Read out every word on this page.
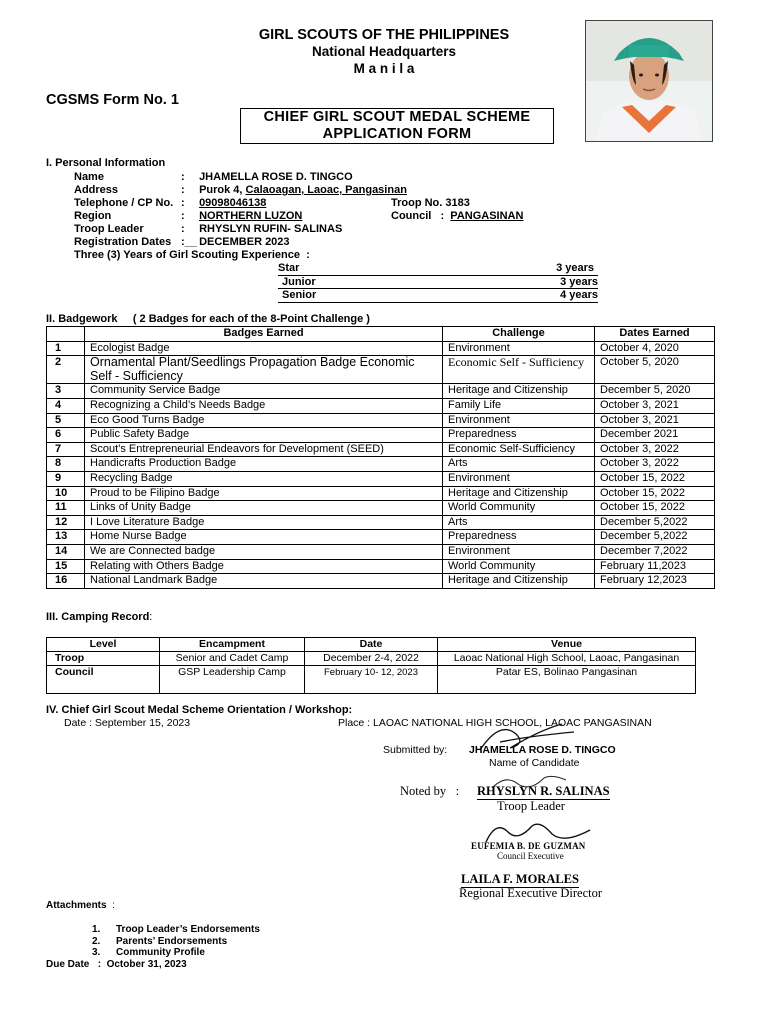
GIRL SCOUTS OF THE PHILIPPINES
National Headquarters
M a n i l a
CGSMS Form No. 1
CHIEF GIRL SCOUT MEDAL SCHEME
APPLICATION FORM
I. Personal Information
Name	: JHAMELLA ROSE D. TINGCO
Address	: Purok 4, Calaoagan, Laoac, Pangasinan
Telephone / CP No. : 09098046138	Troop No. 3183
Region	: NORTHERN LUZON	Council   :  PANGASINAN
Troop Leader	: RHYSLYN RUFIN- SALINAS
Registration Dates :__ DECEMBER 2023
Three (3) Years of Girl Scouting Experience  :
Star	3 years
Junior	3 years
Senior	4 years
II. Badgework ( 2 Badges for each of the 8-Point Challenge )
	Badges Earned	Challenge	Dates Earned
1	Ecologist Badge	Environment	October 4, 2020
2	Ornamental Plant/Seedlings Propagation Badge Economic Self - Sufficiency	Economic Self - Sufficiency	October 5, 2020
3	Community Service Badge	Heritage and Citizenship	December 5, 2020
4	Recognizing a Child’s Needs Badge	Family Life	October 3, 2021
5	Eco Good Turns Badge	Environment	October 3, 2021
6	Public Safety Badge	Preparedness	December 2021
7	Scout’s Entrepreneurial Endeavors for Development (SEED)	Economic Self-Sufficiency	October 3, 2022
8	Handicrafts Production Badge	Arts	October 3, 2022
9	Recycling Badge	Environment	October 15, 2022
10	Proud to be Filipino Badge	Heritage and Citizenship	October 15, 2022
11	Links of Unity Badge	World Community	October 15, 2022
12	I Love Literature Badge	Arts	December 5,2022
13	Home Nurse Badge	Preparedness	December 5,2022
14	We are Connected badge	Environment	December 7,2022
15	Relating with Others Badge	World Community	February 11,2023
16	National Landmark Badge	Heritage and Citizenship	February 12,2023
III. Camping Record:
Level	Encampment	Date	Venue
Troop	Senior and Cadet Camp	December 2-4, 2022	Laoac National High School, Laoac, Pangasinan
Council	GSP Leadership Camp	February 10- 12, 2023	Patar ES, Bolinao Pangasinan
IV. Chief Girl Scout Medal Scheme Orientation / Workshop:
Date : September 15, 2023	Place : LAOAC NATIONAL HIGH SCHOOL, LAOAC PANGASINAN
Submitted by: JHAMELLA ROSE D. TINGCO
Name of Candidate
Noted by   : RHYSLYN R. SALINAS
Troop Leader
EUFEMIA B. DE GUZMAN
Council Executive
LAILA F. MORALES
Regional Executive Director
Attachments  :
1. Troop Leader’s Endorsements
2. Parents’ Endorsements
3. Community Profile
Due Date   :  October 31, 2023
